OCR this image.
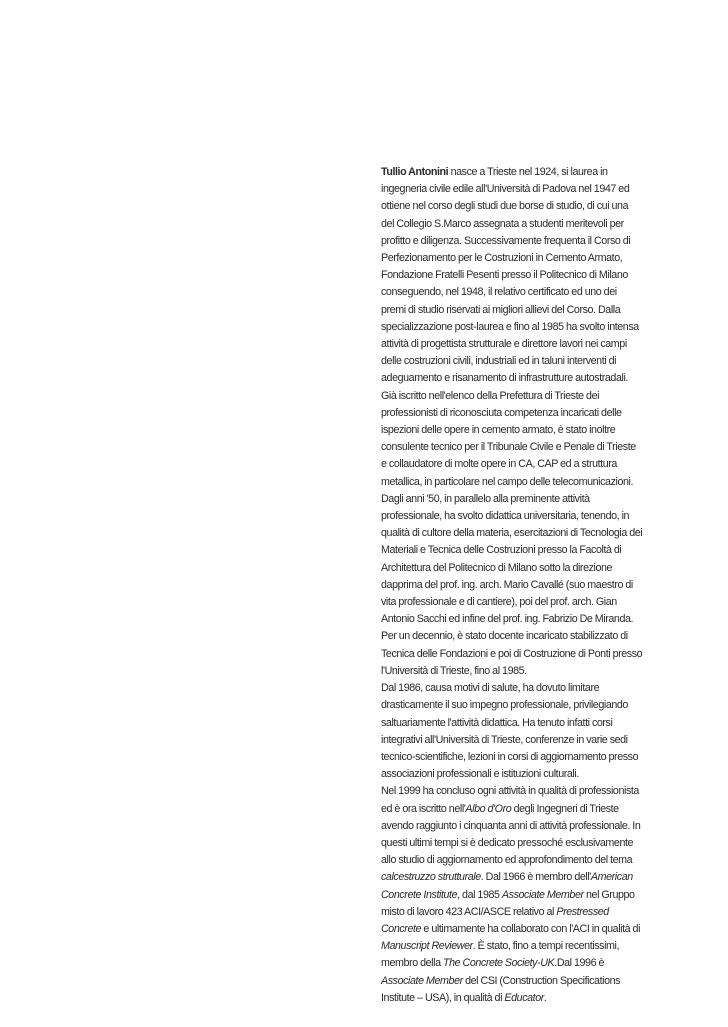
Tullio Antonini nasce a Trieste nel 1924, si laurea in ingegneria civile edile all'Università di Padova nel 1947 ed ottiene nel corso degli studi due borse di studio, di cui una del Collegio S.Marco assegnata a studenti meritevoli per profitto e diligenza. Successivamente frequenta il Corso di Perfezionamento per le Costruzioni in Cemento Armato, Fondazione Fratelli Pesenti presso il Politecnico di Milano conseguendo, nel 1948, il relativo certificato ed uno dei premi di studio riservati ai migliori allievi del Corso. Dalla specializzazione post-laurea e fino al 1985 ha svolto intensa attività di progettista strutturale e direttore lavori nei campi delle costruzioni civili, industriali ed in taluni interventi di adeguamento e risanamento di infrastrutture autostradali. Già iscritto nell'elenco della Prefettura di Trieste dei professionisti di riconosciuta competenza incaricati delle ispezioni delle opere in cemento armato, è stato inoltre consulente tecnico per il Tribunale Civile e Penale di Trieste e collaudatore di molte opere in CA, CAP ed a struttura metallica, in particolare nel campo delle telecomunicazioni.

Dagli anni '50, in parallelo alla preminente attività professionale, ha svolto didattica universitaria, tenendo, in qualità di cultore della materia, esercitazioni di Tecnologia dei Materiali e Tecnica delle Costruzioni presso la Facoltà di Architettura del Politecnico di Milano sotto la direzione dapprima del prof. ing. arch. Mario Cavallé (suo maestro di vita professionale e di cantiere), poi del prof. arch. Gian Antonio Sacchi ed infine del prof. ing. Fabrizio De Miranda. Per un decennio, è stato docente incaricato stabilizzato di Tecnica delle Fondazioni e poi di Costruzione di Ponti presso l'Università di Trieste, fino al 1985.

Dal 1986, causa motivi di salute, ha dovuto limitare drasticamente il suo impegno professionale, privilegiando saltuariamente l'attività didattica. Ha tenuto infatti corsi integrativi all'Università di Trieste, conferenze in varie sedi tecnico-scientifiche, lezioni in corsi di aggiornamento presso associazioni professionali e istituzioni culturali.

Nel 1999 ha concluso ogni attività in qualità di professionista ed è ora iscritto nell'Albo d'Oro degli Ingegneri di Trieste avendo raggiunto i cinquanta anni di attività professionale. In questi ultimi tempi si è dedicato pressoché esclusivamente allo studio di aggiornamento ed approfondimento del tema calcestruzzo strutturale. Dal 1966 è membro dell'American Concrete Institute, dal 1985 Associate Member nel Gruppo misto di lavoro 423 ACI/ASCE relativo al Prestressed Concrete e ultimamente ha collaborato con l'ACI in qualità di Manuscript Reviewer. È stato, fino a tempi recentissimi, membro della The Concrete Society-UK.Dal 1996 è Associate Member del CSI (Construction Specifications Institute – USA), in qualità di Educator.
